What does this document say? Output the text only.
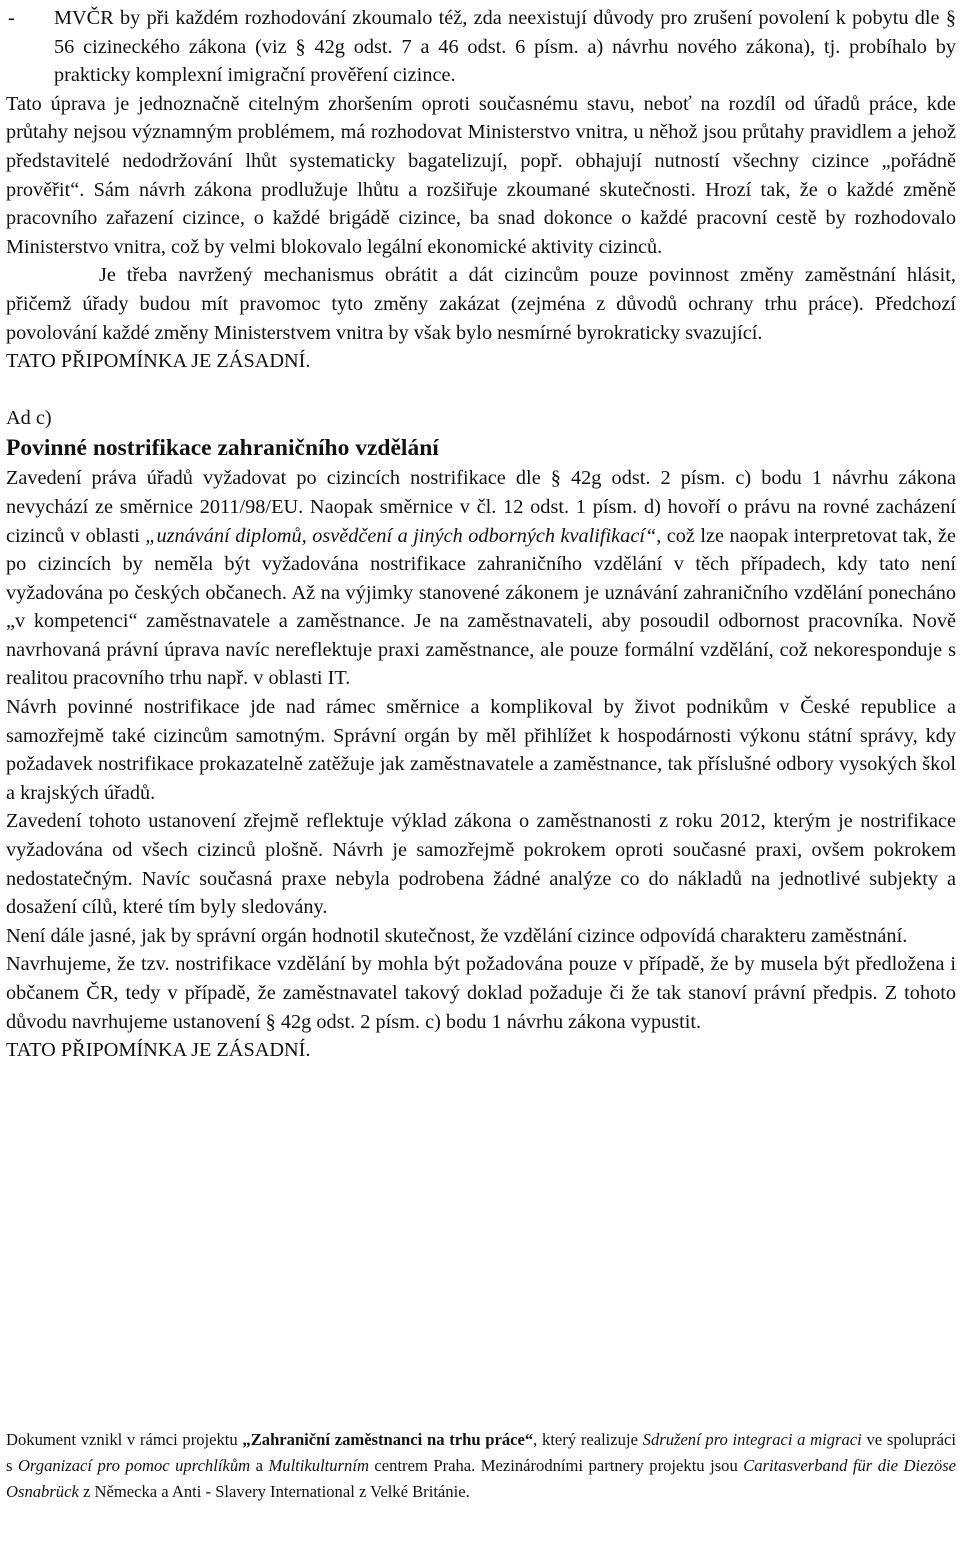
-	MVČR by při každém rozhodování zkoumalo též, zda neexistují důvody pro zrušení povolení k pobytu dle § 56 cizineckého zákona (viz § 42g odst. 7 a 46 odst. 6 písm. a) návrhu nového zákona), tj. probíhalo by prakticky komplexní imigrační prověření cizince.

Tato úprava je jednoznačně citelným zhoršením oproti současnému stavu, neboť na rozdíl od úřadů práce, kde průtahy nejsou významným problémem, má rozhodovat Ministerstvo vnitra, u něhož jsou průtahy pravidlem a jehož představitelé nedodržování lhůt systematicky bagatelizují, popř. obhajují nutností všechny cizince „pořádně prověřit“. Sám návrh zákona prodlužuje lhůtu a rozšiřuje zkoumané skutečnosti. Hrozí tak, že o každé změně pracovního zařazení cizince, o každé brigádě cizince, ba snad dokonce o každé pracovní cestě by rozhodovalo Ministerstvo vnitra, což by velmi blokovalo legální ekonomické aktivity cizinců.

Je třeba navržený mechanismus obrátit a dát cizincům pouze povinnost změny zaměstnání hlásit, přičemž úřady budou mít pravomoc tyto změny zakázat (zejména z důvodů ochrany trhu práce). Předchozí povolování každé změny Ministerstvem vnitra by však bylo nesmírné byrokraticky svazující.

TATO PŘIPOMÍNKA JE ZÁSADNÍ.

Ad c)

Povinné nostrifikace zahraničního vzdělání

Zavedení práva úřadů vyžadovat po cizincích nostrifikace dle § 42g odst. 2 písm. c) bodu 1 návrhu zákona nevychází ze směrnice 2011/98/EU. Naopak směrnice v čl. 12 odst. 1 písm. d) hovoří o právu na rovné zacházení cizinců v oblasti „uznávání diplomů, osvědčení a jiných odborných kvalifikací“, což lze naopak interpretovat tak, že po cizincích by neměla být vyžadována nostrifikace zahraničního vzdělání v těch případech, kdy tato není vyžadována po českých občanech. Až na výjimky stanovené zákonem je uznávání zahraničního vzdělání ponecháno „v kompetenci“ zaměstnavatele a zaměstnance. Je na zaměstnavateli, aby posoudil odbornost pracovníka. Nově navrhovaná právní úprava navíc nereflektuje praxi zaměstnance, ale pouze formální vzdělání, což nekoresponduje s realitou pracovního trhu např. v oblasti IT.

Návrh povinné nostrifikace jde nad rámec směrnice a komplikoval by život podnikům v České republice a samozřejmě také cizincům samotným. Správní orgán by měl přihlížet k hospodárnosti výkonu státní správy, kdy požadavek nostrifikace prokazatelně zatěžuje jak zaměstnavatele a zaměstnance, tak příslušné odbory vysokých škol a krajských úřadů.

Zavedení tohoto ustanovení zřejmě reflektuje výklad zákona o zaměstnanosti z roku 2012, kterým je nostrifikace vyžadována od všech cizinců plošně. Návrh je samozřejmě pokrokem oproti současné praxi, ovšem pokrokem nedostatečným. Navíc současná praxe nebyla podrobena žádné analýze co do nákladů na jednotlivé subjekty a dosažení cílů, které tím byly sledovány.

Není dále jasné, jak by správní orgán hodnotil skutečnost, že vzdělání cizince odpovídá charakteru zaměstnání.

Navrhujeme, že tzv. nostrifikace vzdělání by mohla být požadována pouze v případě, že by musela být předložena i občanem ČR, tedy v případě, že zaměstnavatel takový doklad požaduje či že tak stanoví právní předpis. Z tohoto důvodu navrhujeme ustanovení § 42g odst. 2 písm. c) bodu 1 návrhu zákona vypustit.

TATO PŘIPOMÍNKA JE ZÁSADNÍ.

Dokument vznikl v rámci projektu „Zahraniční zaměstnanci na trhu práce“, který realizuje Sdružení pro integraci a migraci ve spolupráci s Organizací pro pomoc uprchlíkům a Multikulturním centrem Praha. Mezinárodními partnery projektu jsou Caritasverband für die Diezöse Osnabrück z Německa a Anti - Slavery International z Velké Británie.
